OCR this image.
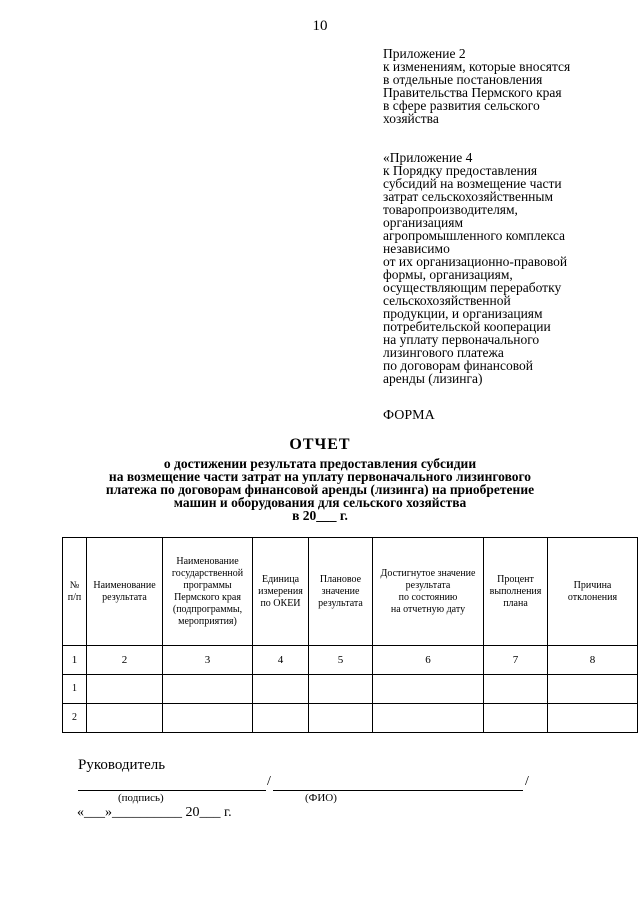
10
Приложение 2
к изменениям, которые вносятся
в отдельные постановления
Правительства Пермского края
в сфере развития сельского
хозяйства
«Приложение 4
к Порядку предоставления
субсидий на возмещение части
затрат сельскохозяйственным
товаропроизводителям,
организациям
агропромышленного комплекса
независимо
от их организационно-правовой
формы, организациям,
осуществляющим переработку
сельскохозяйственной
продукции, и организациям
потребительской кооперации
на уплату первоначального
лизингового платежа
по договорам финансовой
аренды (лизинга)
ФОРМА
ОТЧЕТ
о достижении результата предоставления субсидии
на возмещение части затрат на уплату первоначального лизингового
платежа по договорам финансовой аренды (лизинга) на приобретение
машин и оборудования для сельского хозяйства
в 20___ г.
№
п/п	Наименование результата	Наименование государственной программы Пермского края (подпрограммы, мероприятия)	Единица измерения по ОКЕИ	Плановое значение результата	Достигнутое значение результата
по состоянию
на отчетную дату	Процент выполнения плана	Причина отклонения
1	2	3	4	5	6	7	8
1							
2							
Руководитель
/	/
(подпись)	(ФИО)
«___»__________ 20___ г.
